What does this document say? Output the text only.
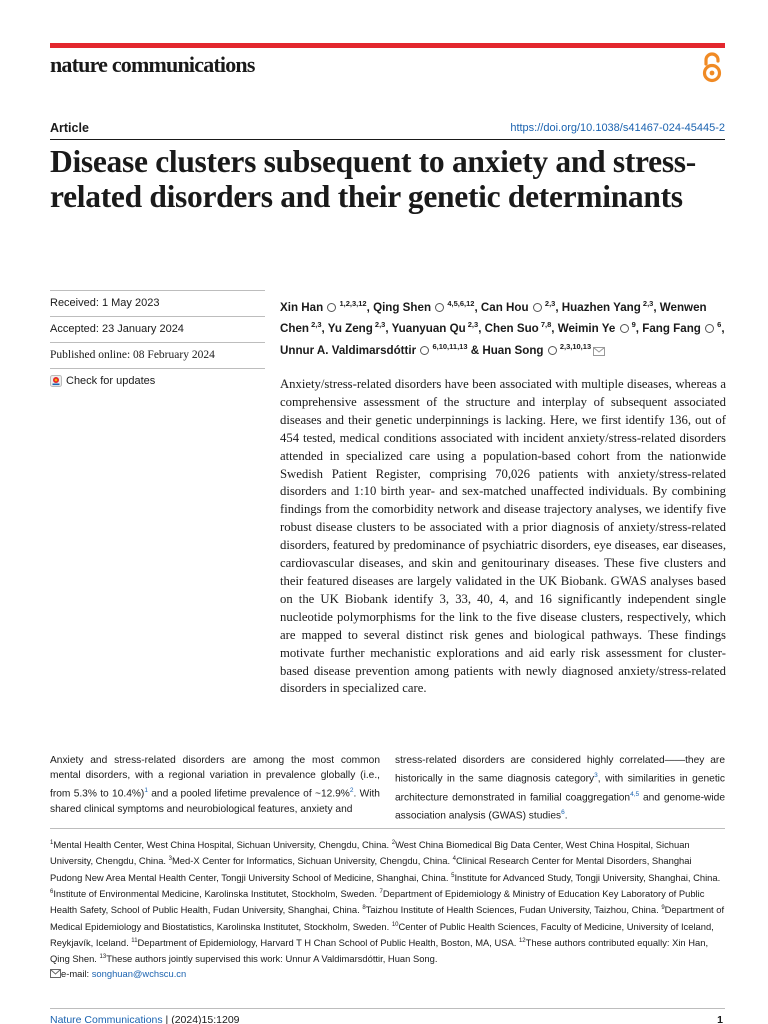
nature communications
Article	https://doi.org/10.1038/s41467-024-45445-2
Disease clusters subsequent to anxiety and stress-related disorders and their genetic determinants
Received: 1 May 2023
Accepted: 23 January 2024
Published online: 08 February 2024
Check for updates
Xin Han  $^{1,2,3,12}$, Qing Shen  $^{4,5,6,12}$, Can Hou  $^{2,3}$, Huazhen Yang $^{2,3}$, Wenwen Chen $^{2,3}$, Yu Zeng $^{2,3}$, Yuanyuan Qu $^{2,3}$, Chen Suo $^{7,8}$, Weimin Ye  $^9$, Fang Fang  $^6$, Unnur A. Valdimarsdóttir  $^{6,10,11,13}$ & Huan Song  $^{2,3,10,13}$

Anxiety/stress-related disorders have been associated with multiple diseases, whereas a comprehensive assessment of the structure and interplay of subsequent associated diseases and their genetic underpinnings is lacking. Here, we first identify 136, out of 454 tested, medical conditions associated with incident anxiety/stress-related disorders attended in specialized care using a population-based cohort from the nationwide Swedish Patient Register, comprising 70,026 patients with anxiety/stress-related disorders and 1:10 birth year- and sex-matched unaffected individuals. By combining findings from the comorbidity network and disease trajectory analyses, we identify five robust disease clusters to be associated with a prior diagnosis of anxiety/stress-related disorders, featured by predominance of psychiatric disorders, eye diseases, ear diseases, cardiovascular diseases, and skin and genitourinary diseases. These five clusters and their featured diseases are largely validated in the UK Biobank. GWAS analyses based on the UK Biobank identify 3, 33, 40, 4, and 16 significantly independent single nucleotide polymorphisms for the link to the five disease clusters, respectively, which are mapped to several distinct risk genes and biological pathways. These findings motivate further mechanistic explorations and aid early risk assessment for cluster-based disease prevention among patients with newly diagnosed anxiety/stress-related disorders in specialized care.

Anxiety and stress-related disorders are among the most common mental disorders, with a regional variation in prevalence globally (i.e., from 5.3% to 10.4%)$^1$ and a pooled lifetime prevalence of ~12.9%$^2$. With shared clinical symptoms and neurobiological features, anxiety and
stress-related disorders are considered highly correlated——they are historically in the same diagnosis category$^3$, with similarities in genetic architecture demonstrated in familial coaggregation$^{4,5}$ and genome-wide association analysis (GWAS) studies$^6$.
$^1$Mental Health Center, West China Hospital, Sichuan University, Chengdu, China. $^2$West China Biomedical Big Data Center, West China Hospital, Sichuan University, Chengdu, China. $^3$Med-X Center for Informatics, Sichuan University, Chengdu, China. $^4$Clinical Research Center for Mental Disorders, Shanghai Pudong New Area Mental Health Center, Tongji University School of Medicine, Shanghai, China. $^5$Institute for Advanced Study, Tongji University, Shanghai, China. $^6$Institute of Environmental Medicine, Karolinska Institutet, Stockholm, Sweden. $^7$Department of Epidemiology & Ministry of Education Key Laboratory of Public Health Safety, School of Public Health, Fudan University, Shanghai, China. $^8$Taizhou Institute of Health Sciences, Fudan University, Taizhou, China. $^9$Department of Medical Epidemiology and Biostatistics, Karolinska Institutet, Stockholm, Sweden. $^{10}$Center of Public Health Sciences, Faculty of Medicine, University of Iceland, Reykjavík, Iceland. $^{11}$Department of Epidemiology, Harvard T H Chan School of Public Health, Boston, MA, USA. $^{12}$These authors contributed equally: Xin Han, Qing Shen. $^{13}$These authors jointly supervised this work: Unnur A Valdimarsdóttir, Huan Song.
e-mail: songhuan@wchscu.cn
Nature Communications | (2024)15:1209	1
